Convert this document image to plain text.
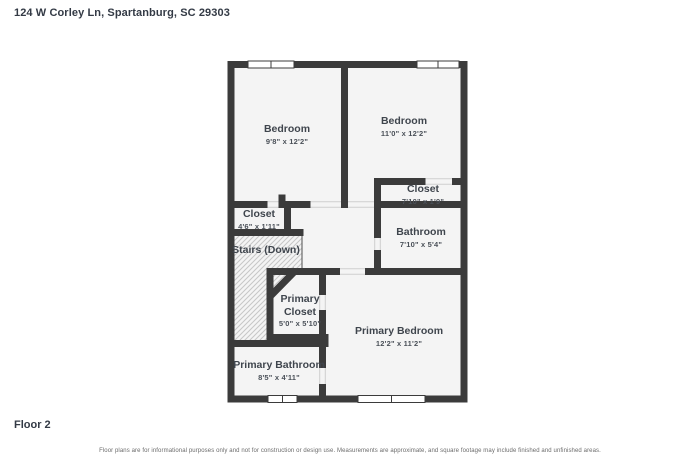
124 W Corley Ln, Spartanburg, SC 29303
Bedroom
9'8" x 12'2"
Bedroom
11'0" x 12'2"
Closet
7'10" x 1'9"
Bathroom
7'10" x 5'4"
Closet
4'6" x 1'11"
Stairs (Down)
Primary Closet
5'0" x 5'10"
Primary Bedroom
12'2" x 11'2"
Primary Bathroom
8'5" x 4'11"
Floor 2
Floor plans are for informational purposes only and not for construction or design use. Measurements are approximate, and square footage may include finished and unfinished areas.
